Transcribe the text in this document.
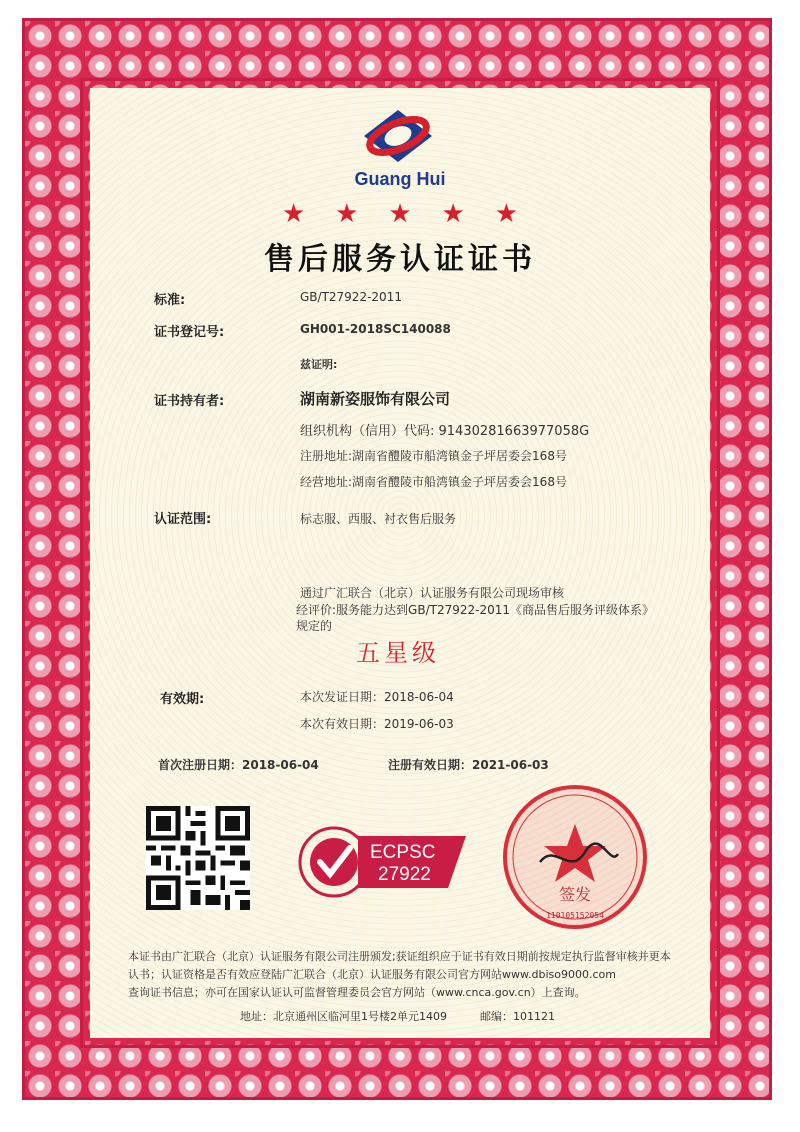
Guang Hui
★ ★ ★ ★ ★
售后服务认证证书
标准:	GB/T27922-2011
证书登记号:	GH001-2018SC140088
兹证明:
证书持有者:	湖南新姿服饰有限公司
组织机构（信用）代码: 91430281663977058G
注册地址:湖南省醴陵市船湾镇金子坪居委会168号
经营地址:湖南省醴陵市船湾镇金子坪居委会168号
认证范围:	标志服、西服、衬衣售后服务
通过广汇联合（北京）认证服务有限公司现场审核
经评价:服务能力达到GB/T27922-2011《商品售后服务评级体系》
规定的
五星级
有效期:	本次发证日期：2018-06-04
本次有效日期：2019-06-03
首次注册日期：2018-06-04	注册有效日期：2021-06-03
ECPSC
27922
签发
110105152054
本证书由广汇联合（北京）认证服务有限公司注册颁发;获证组织应于证书有效日期前按规定执行监督审核并更本
认书；认证资格是否有效应登陆广汇联合（北京）认证服务有限公司官方网站www.dbiso9000.com
查询证书信息；亦可在国家认证认可监督管理委员会官方网站（www.cnca.gov.cn）上查询。
地址：北京通州区临河里1号楼2单元1409	邮编：101121
